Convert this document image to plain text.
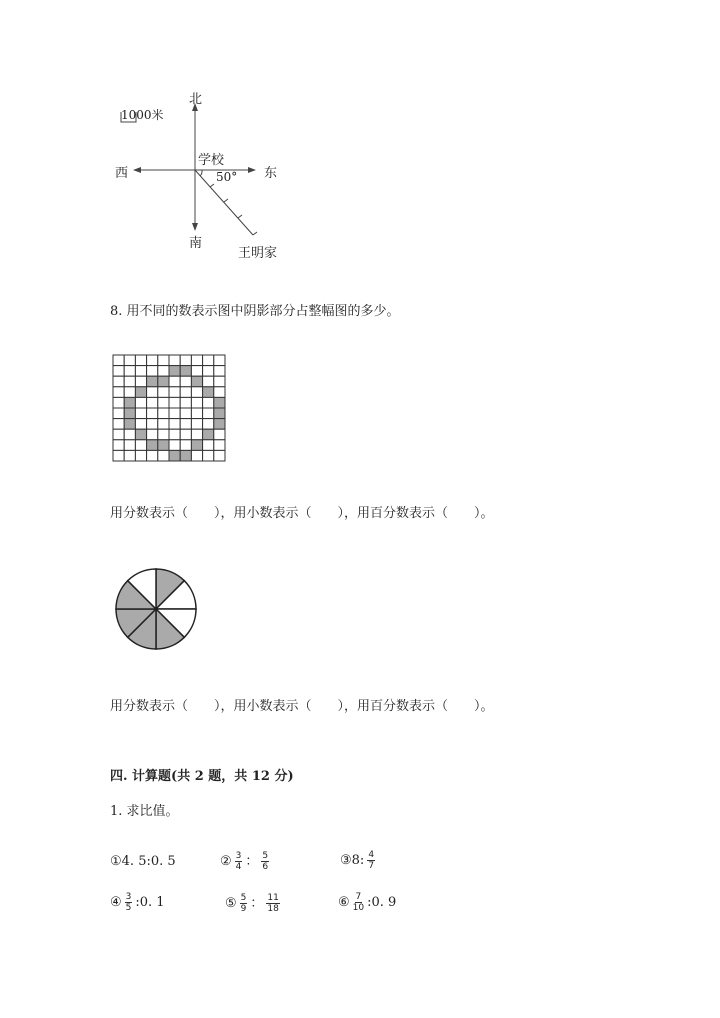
北
南
西	东
1000米
学校
50°
王明家
8. 用不同的数表示图中阴影部分占整幅图的多少。
用分数表示（　　），用小数表示（　　），用百分数表示（　　）。
用分数表示（　　），用小数表示（　　），用百分数表示（　　）。
四. 计算题(共 2 题，共 12 分)
1. 求比值。
①4. 5:0. 5	② $\frac{3}{4}$ ： $\frac{5}{6}$	③8: $\frac{4}{7}$
④ $\frac{3}{5}$ :0. 1	⑤ $\frac{5}{9}$ ： $\frac{11}{18}$	⑥ $\frac{7}{10}$ :0. 9
